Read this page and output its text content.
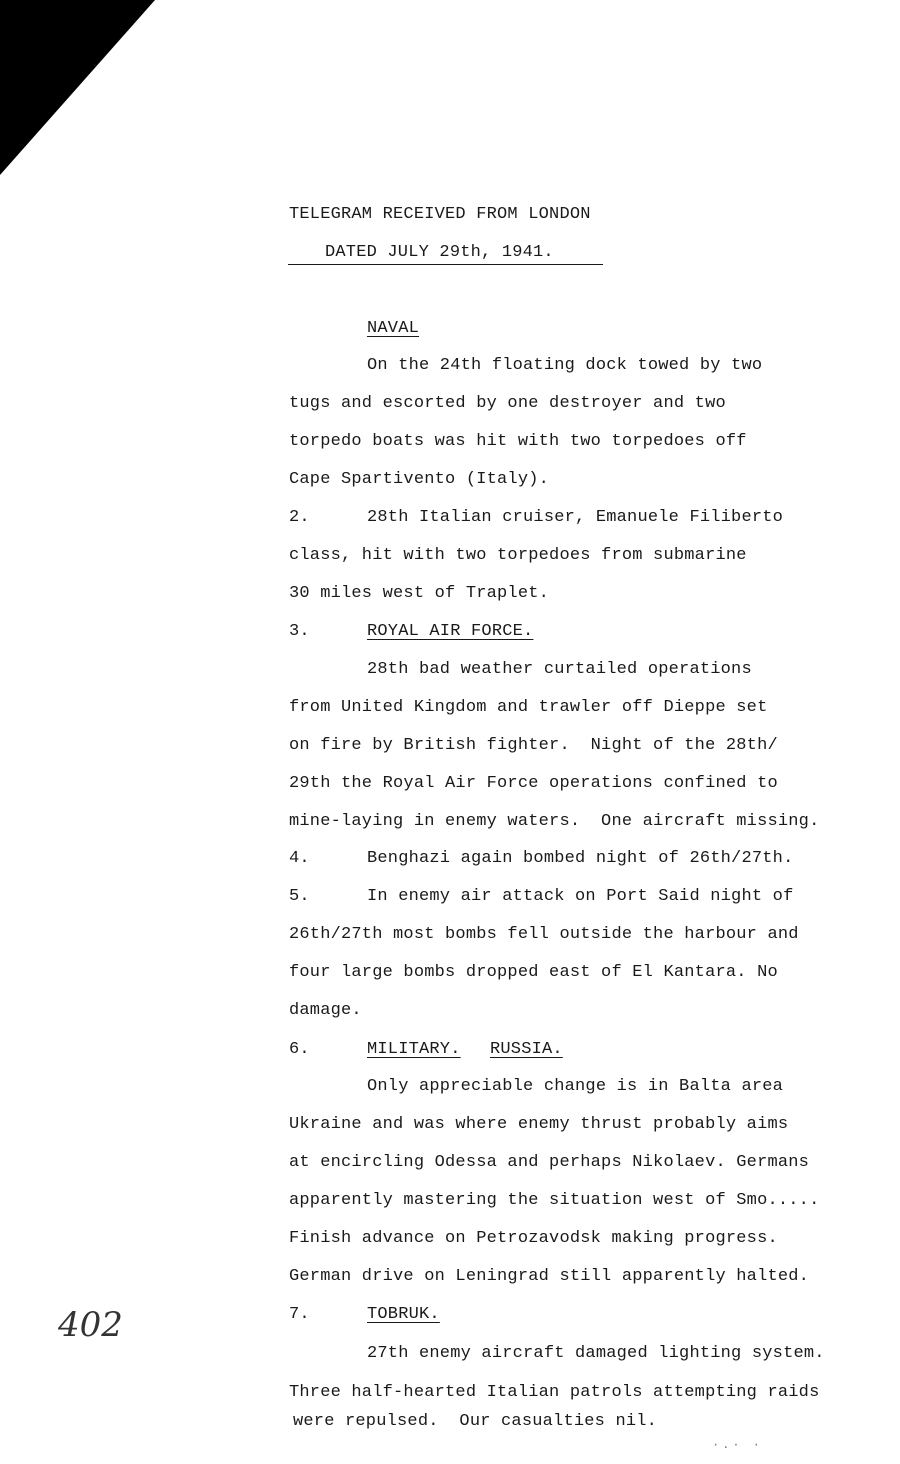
TELEGRAM RECEIVED FROM LONDON
DATED JULY 29th, 1941.
NAVAL
On the 24th floating dock towed by two
tugs and escorted by one destroyer and two
torpedo boats was hit with two torpedoes off
Cape Spartivento (Italy).
2.	28th Italian cruiser, Emanuele Filiberto
class, hit with two torpedoes from submarine
30 miles west of Traplet.
3.	ROYAL AIR FORCE.
28th bad weather curtailed operations
from United Kingdom and trawler off Dieppe set
on fire by British fighter.  Night of the 28th/
29th the Royal Air Force operations confined to
mine-laying in enemy waters.  One aircraft missing.
4.	Benghazi again bombed night of 26th/27th.
5.	In enemy air attack on Port Said night of
26th/27th most bombs fell outside the harbour and
four large bombs dropped east of El Kantara. No
damage.
6.	MILITARY. RUSSIA.
Only appreciable change is in Balta area
Ukraine and was where enemy thrust probably aims
at encircling Odessa and perhaps Nikolaev. Germans
apparently mastering the situation west of Smo.....
Finish advance on Petrozavodsk making progress.
German drive on Leningrad still apparently halted.
402	7.	TOBRUK.
27th enemy aircraft damaged lighting system.
Three half-hearted Italian patrols attempting raids
were repulsed.  Our casualties nil.
·.· ·
